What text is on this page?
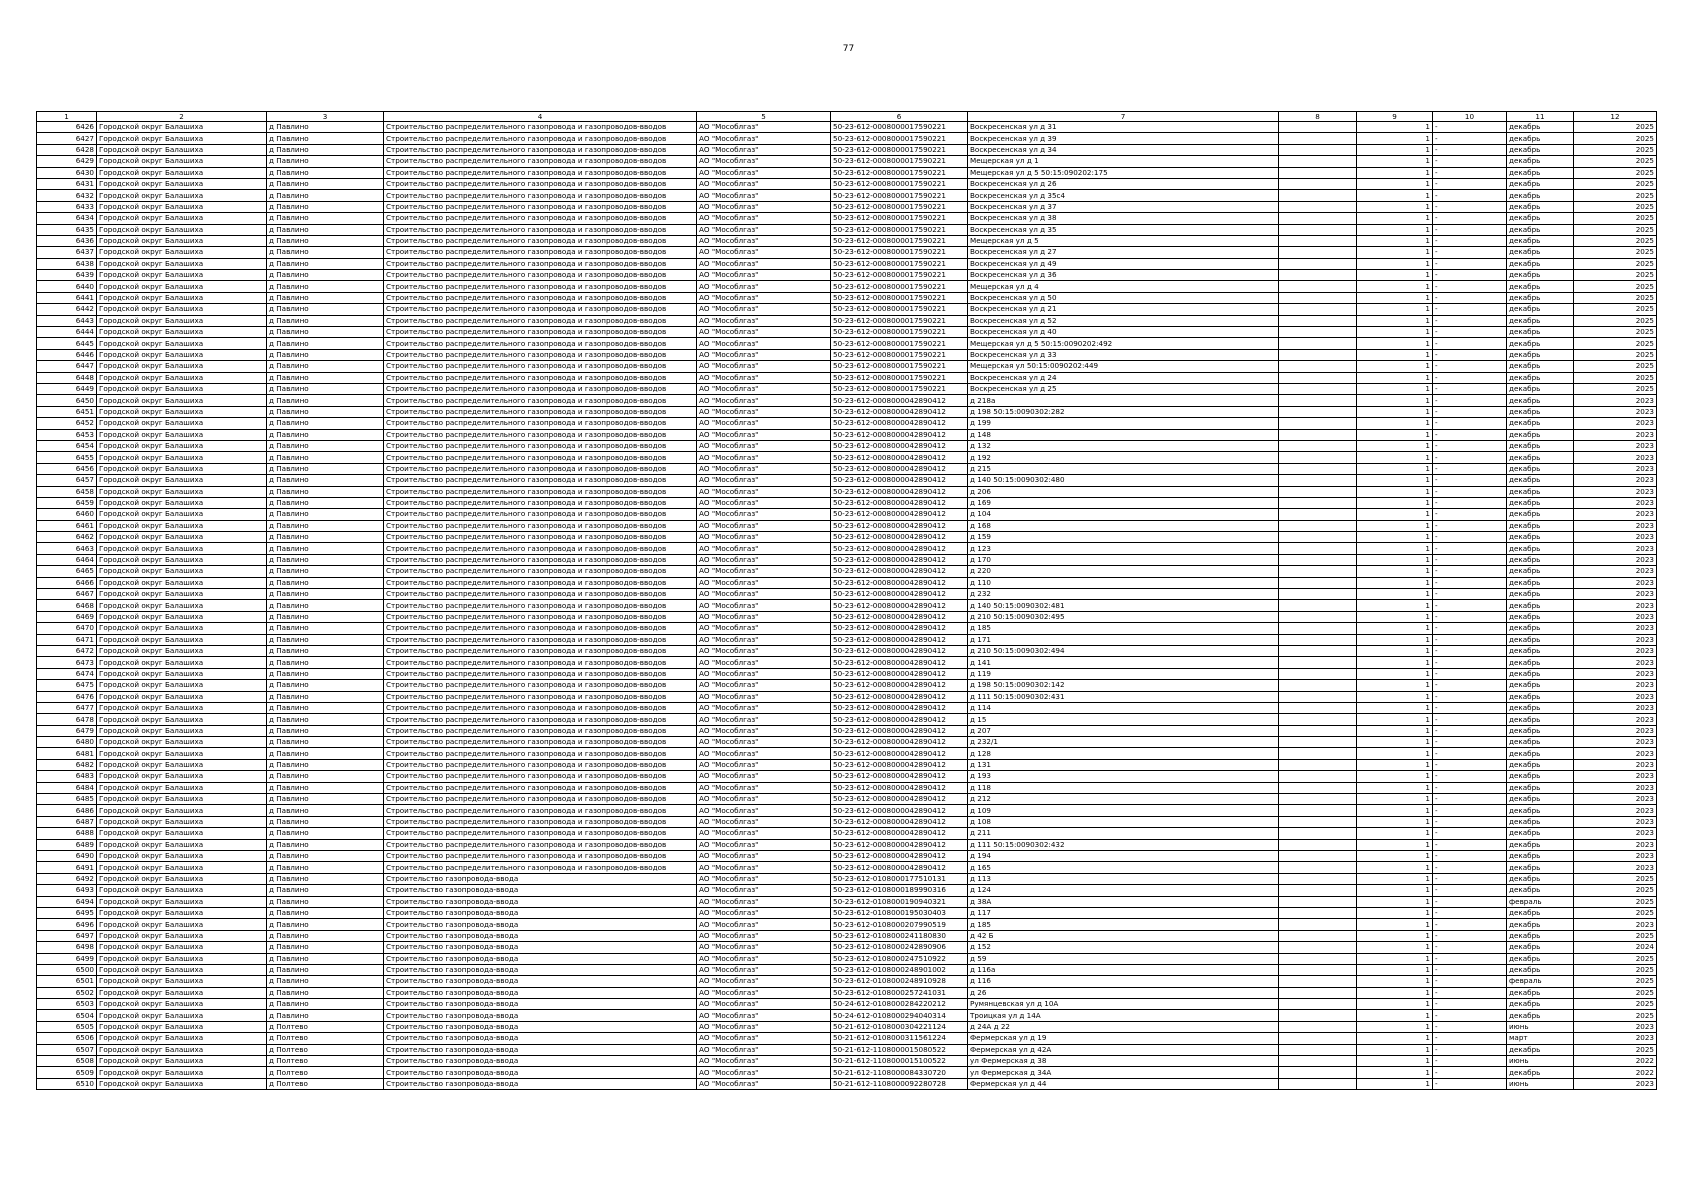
77
1	2	3	4	5	6	7	8	9	10	11	12
6426	Городской округ Балашиха	д Павлино	Строительство распределительного газопровода и газопроводов-вводов	АО "Мособлгаз"	50-23-612-0008000017590221	Воскресенская ул д 31		1	-	декабрь	2025
6427	Городской округ Балашиха	д Павлино	Строительство распределительного газопровода и газопроводов-вводов	АО "Мособлгаз"	50-23-612-0008000017590221	Воскресенская ул д 39		1	-	декабрь	2025
6428	Городской округ Балашиха	д Павлино	Строительство распределительного газопровода и газопроводов-вводов	АО "Мособлгаз"	50-23-612-0008000017590221	Воскресенская ул д 34		1	-	декабрь	2025
6429	Городской округ Балашиха	д Павлино	Строительство распределительного газопровода и газопроводов-вводов	АО "Мособлгаз"	50-23-612-0008000017590221	Мещерская ул д 1		1	-	декабрь	2025
6430	Городской округ Балашиха	д Павлино	Строительство распределительного газопровода и газопроводов-вводов	АО "Мособлгаз"	50-23-612-0008000017590221	Мещерская ул д 5 50:15:090202:175		1	-	декабрь	2025
6431	Городской округ Балашиха	д Павлино	Строительство распределительного газопровода и газопроводов-вводов	АО "Мособлгаз"	50-23-612-0008000017590221	Воскресенская ул д 26		1	-	декабрь	2025
6432	Городской округ Балашиха	д Павлино	Строительство распределительного газопровода и газопроводов-вводов	АО "Мособлгаз"	50-23-612-0008000017590221	Воскресенская ул д 35с4		1	-	декабрь	2025
6433	Городской округ Балашиха	д Павлино	Строительство распределительного газопровода и газопроводов-вводов	АО "Мособлгаз"	50-23-612-0008000017590221	Воскресенская ул д 37		1	-	декабрь	2025
6434	Городской округ Балашиха	д Павлино	Строительство распределительного газопровода и газопроводов-вводов	АО "Мособлгаз"	50-23-612-0008000017590221	Воскресенская ул д 38		1	-	декабрь	2025
6435	Городской округ Балашиха	д Павлино	Строительство распределительного газопровода и газопроводов-вводов	АО "Мособлгаз"	50-23-612-0008000017590221	Воскресенская ул д 35		1	-	декабрь	2025
6436	Городской округ Балашиха	д Павлино	Строительство распределительного газопровода и газопроводов-вводов	АО "Мособлгаз"	50-23-612-0008000017590221	Мещерская ул д 5		1	-	декабрь	2025
6437	Городской округ Балашиха	д Павлино	Строительство распределительного газопровода и газопроводов-вводов	АО "Мособлгаз"	50-23-612-0008000017590221	Воскресенская ул д 27		1	-	декабрь	2025
6438	Городской округ Балашиха	д Павлино	Строительство распределительного газопровода и газопроводов-вводов	АО "Мособлгаз"	50-23-612-0008000017590221	Воскресенская ул д 49		1	-	декабрь	2025
6439	Городской округ Балашиха	д Павлино	Строительство распределительного газопровода и газопроводов-вводов	АО "Мособлгаз"	50-23-612-0008000017590221	Воскресенская ул д 36		1	-	декабрь	2025
6440	Городской округ Балашиха	д Павлино	Строительство распределительного газопровода и газопроводов-вводов	АО "Мособлгаз"	50-23-612-0008000017590221	Мещерская ул д 4		1	-	декабрь	2025
6441	Городской округ Балашиха	д Павлино	Строительство распределительного газопровода и газопроводов-вводов	АО "Мособлгаз"	50-23-612-0008000017590221	Воскресенская ул д 50		1	-	декабрь	2025
6442	Городской округ Балашиха	д Павлино	Строительство распределительного газопровода и газопроводов-вводов	АО "Мособлгаз"	50-23-612-0008000017590221	Воскресенская ул д 21		1	-	декабрь	2025
6443	Городской округ Балашиха	д Павлино	Строительство распределительного газопровода и газопроводов-вводов	АО "Мособлгаз"	50-23-612-0008000017590221	Воскресенская ул д 52		1	-	декабрь	2025
6444	Городской округ Балашиха	д Павлино	Строительство распределительного газопровода и газопроводов-вводов	АО "Мособлгаз"	50-23-612-0008000017590221	Воскресенская ул д 40		1	-	декабрь	2025
6445	Городской округ Балашиха	д Павлино	Строительство распределительного газопровода и газопроводов-вводов	АО "Мособлгаз"	50-23-612-0008000017590221	Мещерская ул д 5 50:15:0090202:492		1	-	декабрь	2025
6446	Городской округ Балашиха	д Павлино	Строительство распределительного газопровода и газопроводов-вводов	АО "Мособлгаз"	50-23-612-0008000017590221	Воскресенская ул д 33		1	-	декабрь	2025
6447	Городской округ Балашиха	д Павлино	Строительство распределительного газопровода и газопроводов-вводов	АО "Мособлгаз"	50-23-612-0008000017590221	Мещерская ул 50:15:0090202:449		1	-	декабрь	2025
6448	Городской округ Балашиха	д Павлино	Строительство распределительного газопровода и газопроводов-вводов	АО "Мособлгаз"	50-23-612-0008000017590221	Воскресенская ул д 24		1	-	декабрь	2025
6449	Городской округ Балашиха	д Павлино	Строительство распределительного газопровода и газопроводов-вводов	АО "Мособлгаз"	50-23-612-0008000017590221	Воскресенская ул д 25		1	-	декабрь	2025
6450	Городской округ Балашиха	д Павлино	Строительство распределительного газопровода и газопроводов-вводов	АО "Мособлгаз"	50-23-612-0008000042890412	д 218а		1	-	декабрь	2023
6451	Городской округ Балашиха	д Павлино	Строительство распределительного газопровода и газопроводов-вводов	АО "Мособлгаз"	50-23-612-0008000042890412	д 198 50:15:0090302:282		1	-	декабрь	2023
6452	Городской округ Балашиха	д Павлино	Строительство распределительного газопровода и газопроводов-вводов	АО "Мособлгаз"	50-23-612-0008000042890412	д 199		1	-	декабрь	2023
6453	Городской округ Балашиха	д Павлино	Строительство распределительного газопровода и газопроводов-вводов	АО "Мособлгаз"	50-23-612-0008000042890412	д 148		1	-	декабрь	2023
6454	Городской округ Балашиха	д Павлино	Строительство распределительного газопровода и газопроводов-вводов	АО "Мособлгаз"	50-23-612-0008000042890412	д 132		1	-	декабрь	2023
6455	Городской округ Балашиха	д Павлино	Строительство распределительного газопровода и газопроводов-вводов	АО "Мособлгаз"	50-23-612-0008000042890412	д 192		1	-	декабрь	2023
6456	Городской округ Балашиха	д Павлино	Строительство распределительного газопровода и газопроводов-вводов	АО "Мособлгаз"	50-23-612-0008000042890412	д 215		1	-	декабрь	2023
6457	Городской округ Балашиха	д Павлино	Строительство распределительного газопровода и газопроводов-вводов	АО "Мособлгаз"	50-23-612-0008000042890412	д 140 50:15:0090302:480		1	-	декабрь	2023
6458	Городской округ Балашиха	д Павлино	Строительство распределительного газопровода и газопроводов-вводов	АО "Мособлгаз"	50-23-612-0008000042890412	д 206		1	-	декабрь	2023
6459	Городской округ Балашиха	д Павлино	Строительство распределительного газопровода и газопроводов-вводов	АО "Мособлгаз"	50-23-612-0008000042890412	д 169		1	-	декабрь	2023
6460	Городской округ Балашиха	д Павлино	Строительство распределительного газопровода и газопроводов-вводов	АО "Мособлгаз"	50-23-612-0008000042890412	д 104		1	-	декабрь	2023
6461	Городской округ Балашиха	д Павлино	Строительство распределительного газопровода и газопроводов-вводов	АО "Мособлгаз"	50-23-612-0008000042890412	д 168		1	-	декабрь	2023
6462	Городской округ Балашиха	д Павлино	Строительство распределительного газопровода и газопроводов-вводов	АО "Мособлгаз"	50-23-612-0008000042890412	д 159		1	-	декабрь	2023
6463	Городской округ Балашиха	д Павлино	Строительство распределительного газопровода и газопроводов-вводов	АО "Мособлгаз"	50-23-612-0008000042890412	д 123		1	-	декабрь	2023
6464	Городской округ Балашиха	д Павлино	Строительство распределительного газопровода и газопроводов-вводов	АО "Мособлгаз"	50-23-612-0008000042890412	д 170		1	-	декабрь	2023
6465	Городской округ Балашиха	д Павлино	Строительство распределительного газопровода и газопроводов-вводов	АО "Мособлгаз"	50-23-612-0008000042890412	д 220		1	-	декабрь	2023
6466	Городской округ Балашиха	д Павлино	Строительство распределительного газопровода и газопроводов-вводов	АО "Мособлгаз"	50-23-612-0008000042890412	д 110		1	-	декабрь	2023
6467	Городской округ Балашиха	д Павлино	Строительство распределительного газопровода и газопроводов-вводов	АО "Мособлгаз"	50-23-612-0008000042890412	д 232		1	-	декабрь	2023
6468	Городской округ Балашиха	д Павлино	Строительство распределительного газопровода и газопроводов-вводов	АО "Мособлгаз"	50-23-612-0008000042890412	д 140 50:15:0090302:481		1	-	декабрь	2023
6469	Городской округ Балашиха	д Павлино	Строительство распределительного газопровода и газопроводов-вводов	АО "Мособлгаз"	50-23-612-0008000042890412	д 210 50:15:0090302:495		1	-	декабрь	2023
6470	Городской округ Балашиха	д Павлино	Строительство распределительного газопровода и газопроводов-вводов	АО "Мособлгаз"	50-23-612-0008000042890412	д 185		1	-	декабрь	2023
6471	Городской округ Балашиха	д Павлино	Строительство распределительного газопровода и газопроводов-вводов	АО "Мособлгаз"	50-23-612-0008000042890412	д 171		1	-	декабрь	2023
6472	Городской округ Балашиха	д Павлино	Строительство распределительного газопровода и газопроводов-вводов	АО "Мособлгаз"	50-23-612-0008000042890412	д 210 50:15:0090302:494		1	-	декабрь	2023
6473	Городской округ Балашиха	д Павлино	Строительство распределительного газопровода и газопроводов-вводов	АО "Мособлгаз"	50-23-612-0008000042890412	д 141		1	-	декабрь	2023
6474	Городской округ Балашиха	д Павлино	Строительство распределительного газопровода и газопроводов-вводов	АО "Мособлгаз"	50-23-612-0008000042890412	д 119		1	-	декабрь	2023
6475	Городской округ Балашиха	д Павлино	Строительство распределительного газопровода и газопроводов-вводов	АО "Мособлгаз"	50-23-612-0008000042890412	д 198 50:15:0090302:142		1	-	декабрь	2023
6476	Городской округ Балашиха	д Павлино	Строительство распределительного газопровода и газопроводов-вводов	АО "Мособлгаз"	50-23-612-0008000042890412	д 111 50:15:0090302:431		1	-	декабрь	2023
6477	Городской округ Балашиха	д Павлино	Строительство распределительного газопровода и газопроводов-вводов	АО "Мособлгаз"	50-23-612-0008000042890412	д 114		1	-	декабрь	2023
6478	Городской округ Балашиха	д Павлино	Строительство распределительного газопровода и газопроводов-вводов	АО "Мособлгаз"	50-23-612-0008000042890412	д 15		1	-	декабрь	2023
6479	Городской округ Балашиха	д Павлино	Строительство распределительного газопровода и газопроводов-вводов	АО "Мособлгаз"	50-23-612-0008000042890412	д 207		1	-	декабрь	2023
6480	Городской округ Балашиха	д Павлино	Строительство распределительного газопровода и газопроводов-вводов	АО "Мособлгаз"	50-23-612-0008000042890412	д 232/1		1	-	декабрь	2023
6481	Городской округ Балашиха	д Павлино	Строительство распределительного газопровода и газопроводов-вводов	АО "Мособлгаз"	50-23-612-0008000042890412	д 128		1	-	декабрь	2023
6482	Городской округ Балашиха	д Павлино	Строительство распределительного газопровода и газопроводов-вводов	АО "Мособлгаз"	50-23-612-0008000042890412	д 131		1	-	декабрь	2023
6483	Городской округ Балашиха	д Павлино	Строительство распределительного газопровода и газопроводов-вводов	АО "Мособлгаз"	50-23-612-0008000042890412	д 193		1	-	декабрь	2023
6484	Городской округ Балашиха	д Павлино	Строительство распределительного газопровода и газопроводов-вводов	АО "Мособлгаз"	50-23-612-0008000042890412	д 118		1	-	декабрь	2023
6485	Городской округ Балашиха	д Павлино	Строительство распределительного газопровода и газопроводов-вводов	АО "Мособлгаз"	50-23-612-0008000042890412	д 212		1	-	декабрь	2023
6486	Городской округ Балашиха	д Павлино	Строительство распределительного газопровода и газопроводов-вводов	АО "Мособлгаз"	50-23-612-0008000042890412	д 109		1	-	декабрь	2023
6487	Городской округ Балашиха	д Павлино	Строительство распределительного газопровода и газопроводов-вводов	АО "Мособлгаз"	50-23-612-0008000042890412	д 108		1	-	декабрь	2023
6488	Городской округ Балашиха	д Павлино	Строительство распределительного газопровода и газопроводов-вводов	АО "Мособлгаз"	50-23-612-0008000042890412	д 211		1	-	декабрь	2023
6489	Городской округ Балашиха	д Павлино	Строительство распределительного газопровода и газопроводов-вводов	АО "Мособлгаз"	50-23-612-0008000042890412	д 111 50:15:0090302:432		1	-	декабрь	2023
6490	Городской округ Балашиха	д Павлино	Строительство распределительного газопровода и газопроводов-вводов	АО "Мособлгаз"	50-23-612-0008000042890412	д 194		1	-	декабрь	2023
6491	Городской округ Балашиха	д Павлино	Строительство распределительного газопровода и газопроводов-вводов	АО "Мособлгаз"	50-23-612-0008000042890412	д 165		1	-	декабрь	2023
6492	Городской округ Балашиха	д Павлино	Строительство газопровода-ввода	АО "Мособлгаз"	50-23-612-0108000177510131	д 113		1	-	декабрь	2025
6493	Городской округ Балашиха	д Павлино	Строительство газопровода-ввода	АО "Мособлгаз"	50-23-612-0108000189990316	д 124		1	-	декабрь	2025
6494	Городской округ Балашиха	д Павлино	Строительство газопровода-ввода	АО "Мособлгаз"	50-23-612-0108000190940321	д 38А		1	-	февраль	2025
6495	Городской округ Балашиха	д Павлино	Строительство газопровода-ввода	АО "Мособлгаз"	50-23-612-0108000195030403	д 117		1	-	декабрь	2025
6496	Городской округ Балашиха	д Павлино	Строительство газопровода-ввода	АО "Мособлгаз"	50-23-612-0108000207990519	д 185		1	-	декабрь	2023
6497	Городской округ Балашиха	д Павлино	Строительство газопровода-ввода	АО "Мособлгаз"	50-23-612-0108000241180830	д 42 Б		1	-	декабрь	2025
6498	Городской округ Балашиха	д Павлино	Строительство газопровода-ввода	АО "Мособлгаз"	50-23-612-0108000242890906	д 152		1	-	декабрь	2024
6499	Городской округ Балашиха	д Павлино	Строительство газопровода-ввода	АО "Мособлгаз"	50-23-612-0108000247510922	д 59		1	-	декабрь	2025
6500	Городской округ Балашиха	д Павлино	Строительство газопровода-ввода	АО "Мособлгаз"	50-23-612-0108000248901002	д 116а		1	-	декабрь	2025
6501	Городской округ Балашиха	д Павлино	Строительство газопровода-ввода	АО "Мособлгаз"	50-23-612-0108000248910928	д 116		1	-	февраль	2025
6502	Городской округ Балашиха	д Павлино	Строительство газопровода-ввода	АО "Мособлгаз"	50-23-612-0108000257241031	д 26		1	-	декабрь	2025
6503	Городской округ Балашиха	д Павлино	Строительство газопровода-ввода	АО "Мособлгаз"	50-24-612-0108000284220212	Румянцевская ул д 10А		1	-	декабрь	2025
6504	Городской округ Балашиха	д Павлино	Строительство газопровода-ввода	АО "Мособлгаз"	50-24-612-0108000294040314	Троицкая ул д 14А		1	-	декабрь	2025
6505	Городской округ Балашиха	д Полтево	Строительство газопровода-ввода	АО "Мособлгаз"	50-21-612-0108000304221124	д 24А д 22		1	-	июнь	2023
6506	Городской округ Балашиха	д Полтево	Строительство газопровода-ввода	АО "Мособлгаз"	50-21-612-0108000311561224	Фермерская ул д 19		1	-	март	2023
6507	Городской округ Балашиха	д Полтево	Строительство газопровода-ввода	АО "Мособлгаз"	50-21-612-1108000015080522	Фермерская ул д 42А		1	-	декабрь	2025
6508	Городской округ Балашиха	д Полтево	Строительство газопровода-ввода	АО "Мособлгаз"	50-21-612-1108000015100522	ул Фермерская д 38		1	-	июнь	2022
6509	Городской округ Балашиха	д Полтево	Строительство газопровода-ввода	АО "Мособлгаз"	50-21-612-1108000084330720	ул Фермерская д 34А		1	-	декабрь	2022
6510	Городской округ Балашиха	д Полтево	Строительство газопровода-ввода	АО "Мособлгаз"	50-21-612-1108000092280728	Фермерская ул д 44		1	-	июнь	2023
